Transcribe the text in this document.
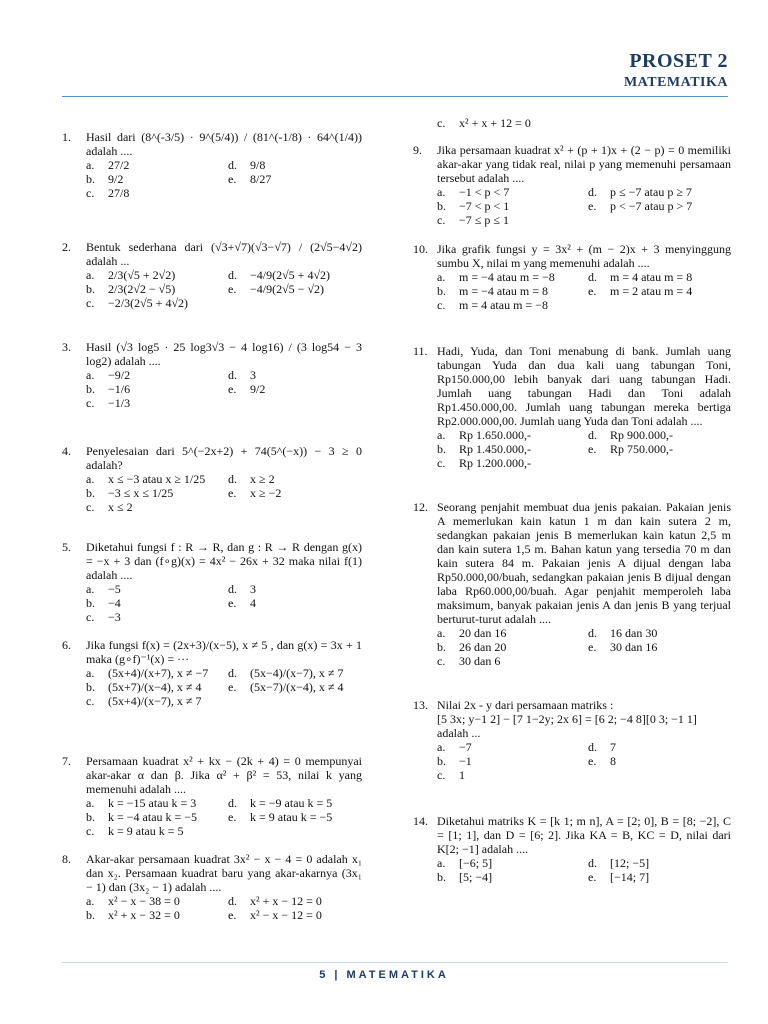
PROSET 2
MATEMATIKA
1.	Hasil dari (8^(-3/5) · 9^(5/4)) / (81^(-1/8) · 64^(1/4)) adalah ....
a.	27/2	d.	9/8
b.	9/2	e.	8/27
c.	27/8
2.	Bentuk sederhana dari (√3+√7)(√3−√7) / (2√5−4√2) adalah ...
a.	2/3(√5 + 2√2)	d.	−4/9(2√5 + 4√2)
b.	2/3(2√2 − √5)	e.	−4/9(2√5 − √2)
c.	−2/3(2√5 + 4√2)
3.	Hasil (√3 log5 · 25 log3√3 − 4 log16) / (3 log54 − 3 log2) adalah ....
a.	−9/2	d.	3
b.	−1/6	e.	9/2
c.	−1/3
4.	Penyelesaian dari 5^(−2x+2) + 74(5^(−x)) − 3 ≥ 0 adalah?
a.	x ≤ −3 atau x ≥ 1/25 d.	x ≥ 2
b.	−3 ≤ x ≤ 1/25	e.	x ≥ −2
c.	x ≤ 2
5.	Diketahui fungsi f : R → R, dan g : R → R dengan g(x) = −x + 3 dan (f∘g)(x) = 4x² − 26x + 32 maka nilai f(1) adalah ....
a.	−5	d.	3
b.	−4	e.	4
c.	−3
6.	Jika fungsi f(x) = (2x+3)/(x−5), x ≠ 5 , dan g(x) = 3x + 1 maka (g∘f)⁻¹(x) = ···
a.	(5x+4)/(x+7), x ≠ −7 d.	(5x−4)/(x−7), x ≠ 7
b.	(5x+7)/(x−4), x ≠ 4 e.	(5x−7)/(x−4), x ≠ 4
c.	(5x+4)/(x−7), x ≠ 7
7.	Persamaan kuadrat x² + kx − (2k + 4) = 0 mempunyai akar-akar α dan β. Jika α² + β² = 53, nilai k yang memenuhi adalah ....
a.	k = −15 atau k = 3	d.	k = −9 atau k = 5
b.	k = −4 atau k = −5	e.	k = 9 atau k = −5
c.	k = 9 atau k = 5
8.	Akar-akar persamaan kuadrat 3x² − x − 4 = 0 adalah x₁ dan x₂. Persamaan kuadrat baru yang akar-akarnya (3x₁ − 1) dan (3x₂ − 1) adalah ....
a.	x² − x − 38 = 0	d.	x² + x − 12 = 0
b.	x² + x − 32 = 0	e.	x² − x − 12 = 0
c.	x² + x + 12 = 0
9.	Jika persamaan kuadrat x² + (p + 1)x + (2 − p) = 0 memiliki akar-akar yang tidak real, nilai p yang memenuhi persamaan tersebut adalah ....
a.	−1 < p < 7	d.	p ≤ −7 atau p ≥ 7
b.	−7 < p < 1	e.	p < −7 atau p > 7
c.	−7 ≤ p ≤ 1
10. Jika grafik fungsi y = 3x² + (m − 2)x + 3 menyinggung sumbu X, nilai m yang memenuhi adalah ....
a.	m = −4 atau m = −8	d.	m = 4 atau m = 8
b.	m = −4 atau m = 8	e.	m = 2 atau m = 4
c.	m = 4 atau m = −8
11. Hadi, Yuda, dan Toni menabung di bank. Jumlah uang tabungan Yuda dan dua kali uang tabungan Toni, Rp150.000,00 lebih banyak dari uang tabungan Hadi. Jumlah uang tabungan Hadi dan Toni adalah Rp1.450.000,00. Jumlah uang tabungan mereka bertiga Rp2.000.000,00. Jumlah uang Yuda dan Toni adalah ....
a.	Rp 1.650.000,-	d.	Rp 900.000,-
b.	Rp 1.450.000,-	e.	Rp 750.000,-
c.	Rp 1.200.000,-
12. Seorang penjahit membuat dua jenis pakaian. Pakaian jenis A memerlukan kain katun 1 m dan kain sutera 2 m, sedangkan pakaian jenis B memerlukan kain katun 2,5 m dan kain sutera 1,5 m. Bahan katun yang tersedia 70 m dan kain sutera 84 m. Pakaian jenis A dijual dengan laba Rp50.000,00/buah, sedangkan pakaian jenis B dijual dengan laba Rp60.000,00/buah. Agar penjahit memperoleh laba maksimum, banyak pakaian jenis A dan jenis B yang terjual berturut-turut adalah ....
a.	20 dan 16	d.	16 dan 30
b.	26 dan 20	e.	30 dan 16
c.	30 dan 6
13. Nilai 2x - y dari persamaan matriks :
[5 3x; y−1 2] − [7 1−2y; 2x 6] = [6 2; −4 8][0 3; −1 1]
adalah ...
a.	−7	d.	7
b.	−1	e.	8
c.	1
14. Diketahui matriks K = [k 1; m n], A = [2; 0], B = [8; −2], C = [1; 1], dan D = [6; 2]. Jika KA = B, KC = D, nilai dari K[2; −1] adalah ....
a.	[−6; 5]	d.	[12; −5]
b.	[5; −4]	e.	[−14; 7]
5 | MATEMATIKA
